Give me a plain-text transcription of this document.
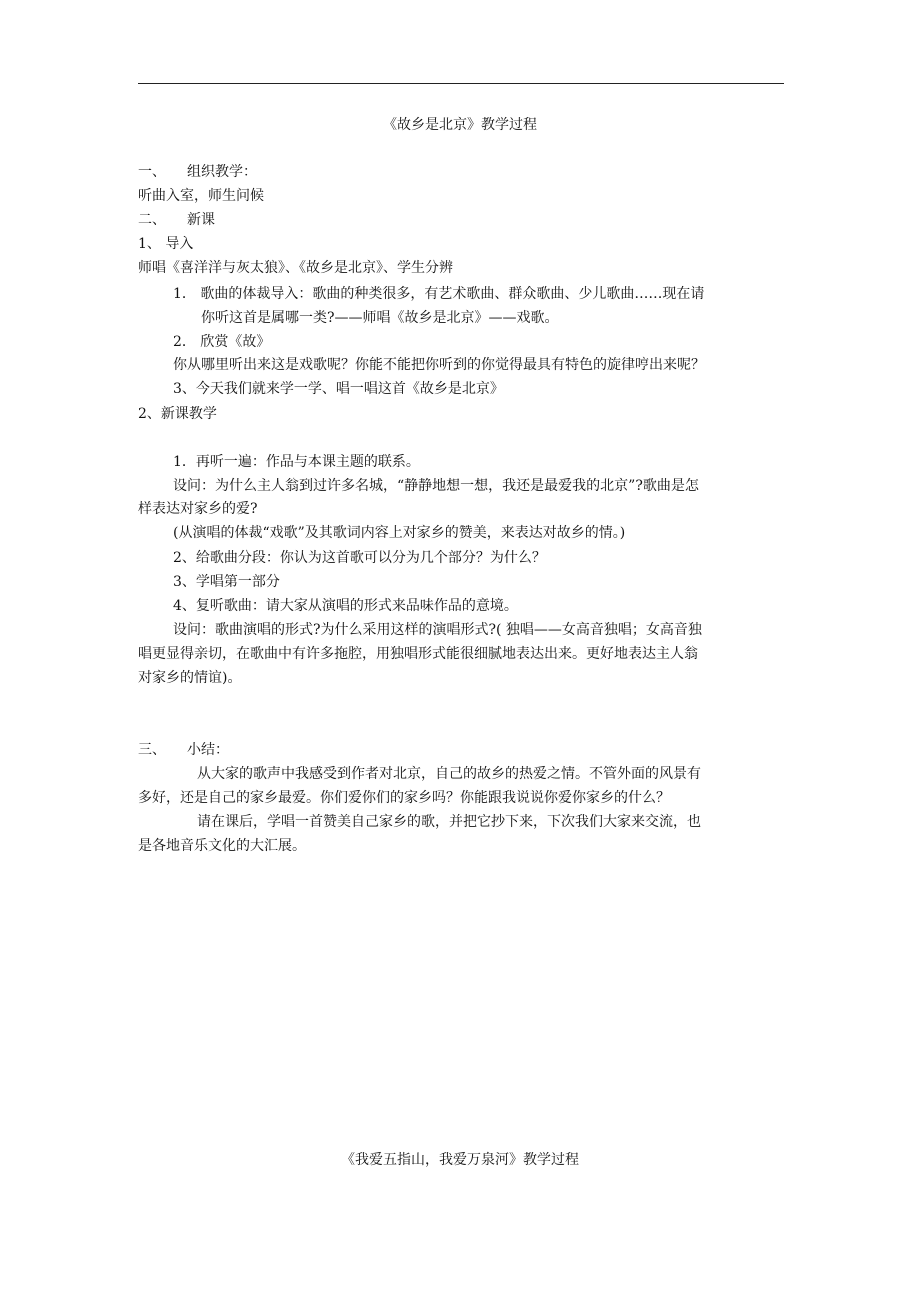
《故乡是北京》教学过程
一、 组织教学：
听曲入室，师生问候
二、 新课
1、 导入
师唱《喜洋洋与灰太狼》、《故乡是北京》、学生分辨
1． 歌曲的体裁导入：歌曲的种类很多，有艺术歌曲、群众歌曲、少儿歌曲……现在请
你听这首是属哪一类?——师唱《故乡是北京》——戏歌。
2． 欣赏《故》
你从哪里听出来这是戏歌呢？你能不能把你听到的你觉得最具有特色的旋律哼出来呢？
3、今天我们就来学一学、唱一唱这首《故乡是北京》
2、新课教学
1．再听一遍：作品与本课主题的联系。
设问：为什么主人翁到过许多名城，“静静地想一想，我还是最爱我的北京”?歌曲是怎
样表达对家乡的爱?
(从演唱的体裁“戏歌”及其歌词内容上对家乡的赞美，来表达对故乡的情。)
2、给歌曲分段：你认为这首歌可以分为几个部分？为什么？
3、学唱第一部分
4、复听歌曲：请大家从演唱的形式来品味作品的意境。
设问：歌曲演唱的形式?为什么采用这样的演唱形式?( 独唱——女高音独唱；女高音独
唱更显得亲切，在歌曲中有许多拖腔，用独唱形式能很细腻地表达出来。更好地表达主人翁
对家乡的情谊)。
三、 小结：
从大家的歌声中我感受到作者对北京，自己的故乡的热爱之情。不管外面的风景有
多好，还是自己的家乡最爱。你们爱你们的家乡吗？你能跟我说说你爱你家乡的什么？
请在课后，学唱一首赞美自己家乡的歌，并把它抄下来，下次我们大家来交流，也
是各地音乐文化的大汇展。
《我爱五指山，我爱万泉河》教学过程
